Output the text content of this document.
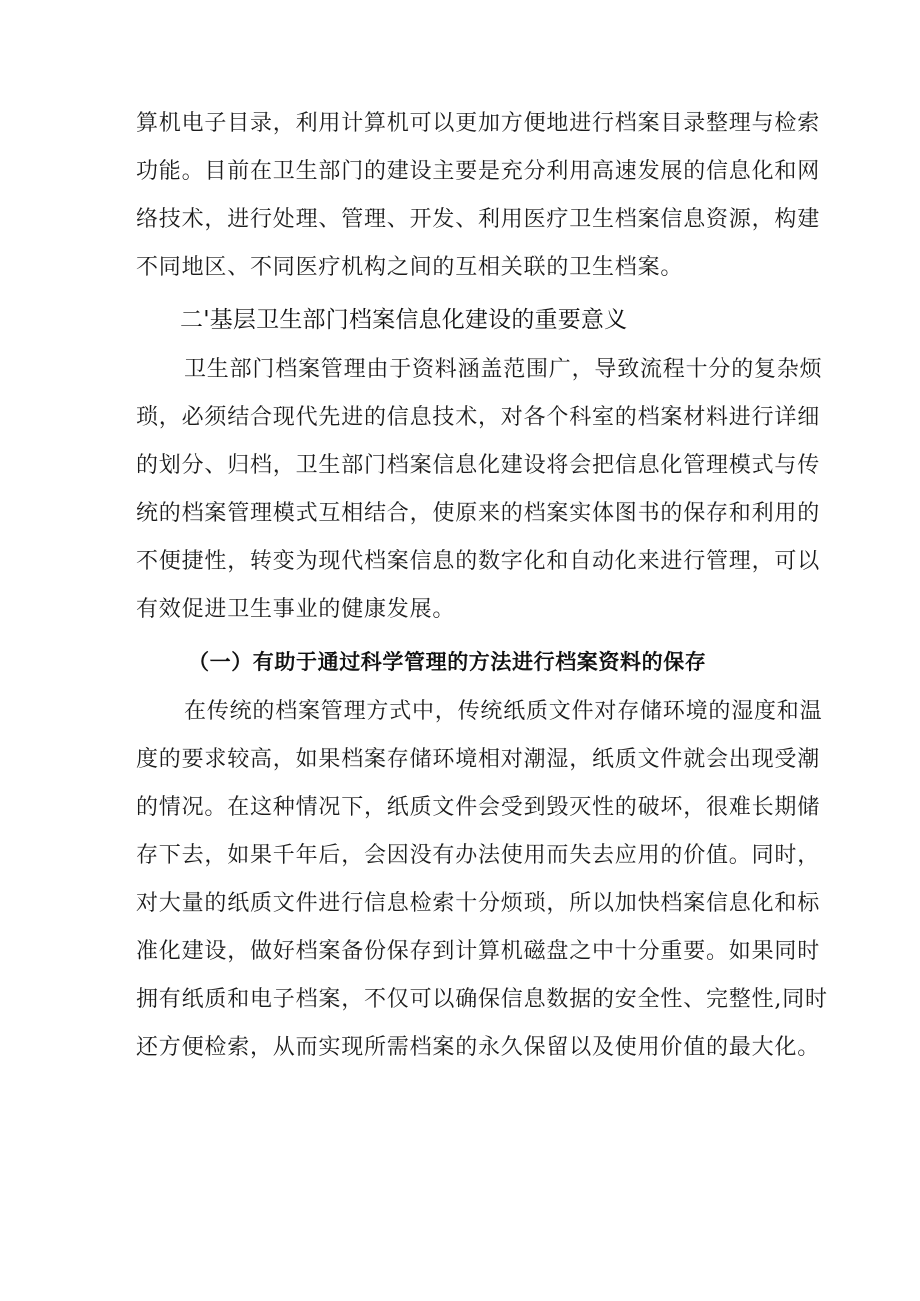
算机电子目录，利用计算机可以更加方便地进行档案目录整理与检索
功能。目前在卫生部门的建设主要是充分利用高速发展的信息化和网
络技术，进行处理、管理、开发、利用医疗卫生档案信息资源，构建
不同地区、不同医疗机构之间的互相关联的卫生档案。
二'基层卫生部门档案信息化建设的重要意义
卫生部门档案管理由于资料涵盖范围广，导致流程十分的复杂烦
琐，必须结合现代先进的信息技术，对各个科室的档案材料进行详细
的划分、归档，卫生部门档案信息化建设将会把信息化管理模式与传
统的档案管理模式互相结合，使原来的档案实体图书的保存和利用的
不便捷性，转变为现代档案信息的数字化和自动化来进行管理，可以
有效促进卫生事业的健康发展。
（一）有助于通过科学管理的方法进行档案资料的保存
在传统的档案管理方式中，传统纸质文件对存储环境的湿度和温
度的要求较高，如果档案存储环境相对潮湿，纸质文件就会出现受潮
的情况。在这种情况下，纸质文件会受到毁灭性的破坏，很难长期储
存下去，如果千年后，会因没有办法使用而失去应用的价值。同时，
对大量的纸质文件进行信息检索十分烦琐，所以加快档案信息化和标
准化建设，做好档案备份保存到计算机磁盘之中十分重要。如果同时
拥有纸质和电子档案，不仅可以确保信息数据的安全性、完整性,同时
还方便检索，从而实现所需档案的永久保留以及使用价值的最大化。
